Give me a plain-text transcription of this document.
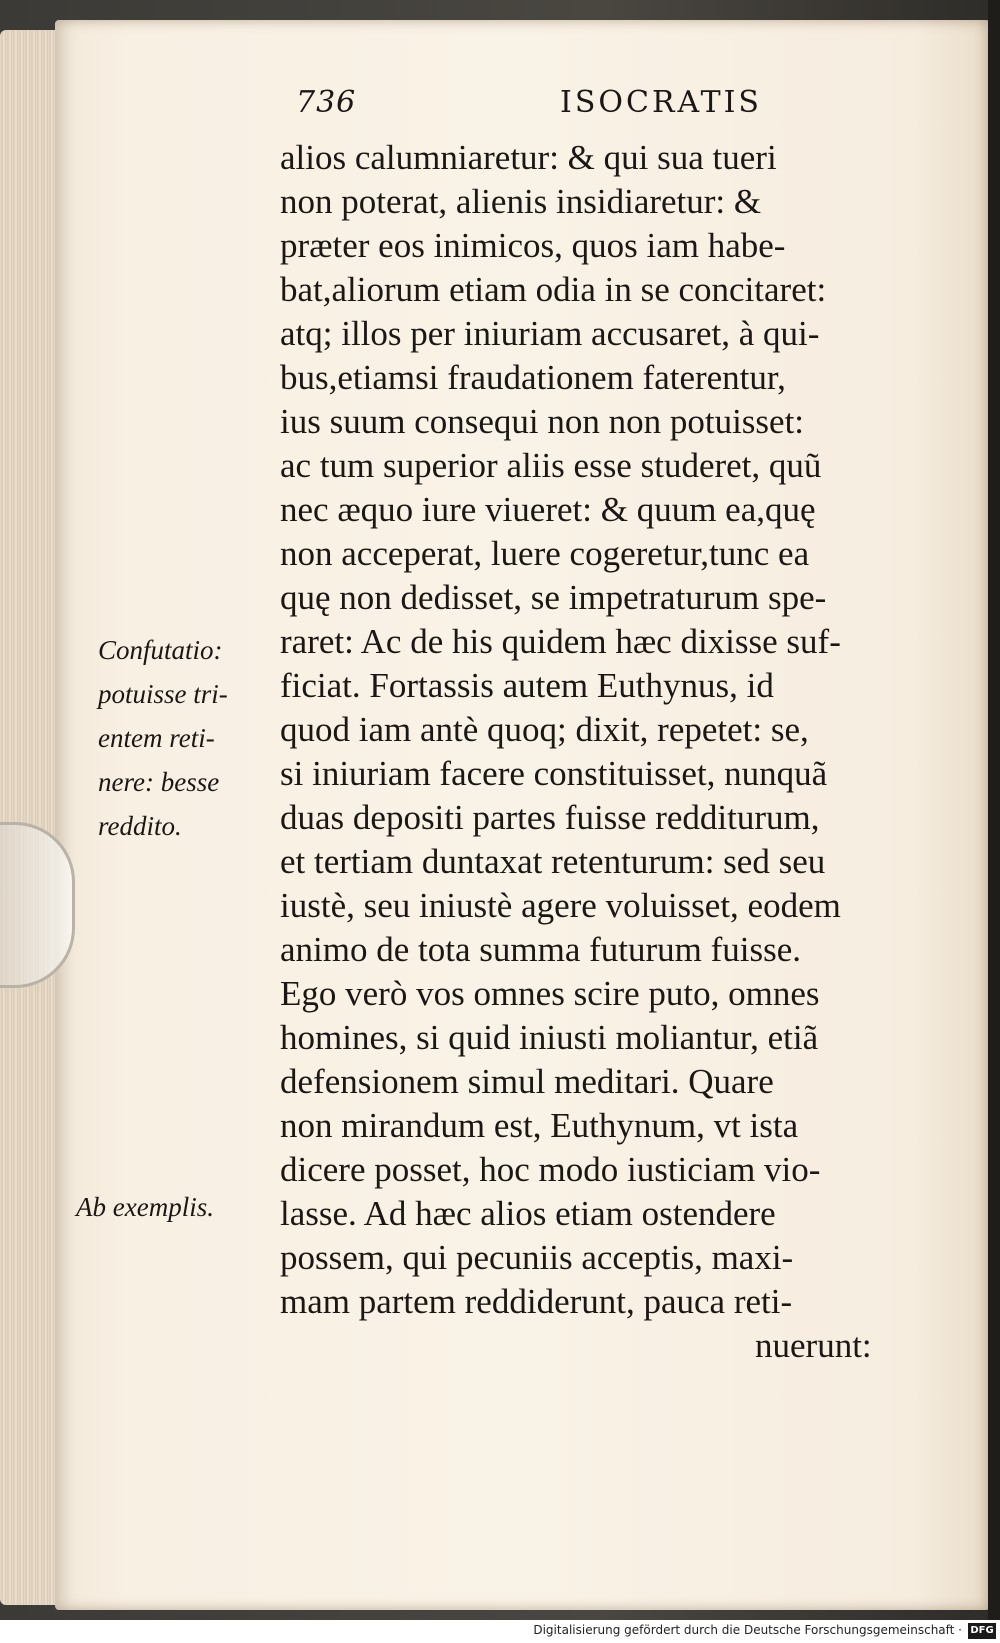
736	ISOCRATIS
alios calumniaretur: & qui sua tueri
non poterat, alienis insidiaretur: &
præter eos inimicos, quos iam habe-
bat,aliorum etiam odia in se concitaret:
atq; illos per iniuriam accusaret, à qui-
bus,etiamsi fraudationem faterentur,
ius suum consequi non non potuisset:
ac tum superior aliis esse studeret, quũ
nec æquo iure viueret: & quum ea,quę
non acceperat, luere cogeretur,tunc ea
quę non dedisset, se impetraturum spe-
raret: Ac de his quidem hæc dixisse suf-
ficiat. Fortassis autem Euthynus, id
quod iam antè quoq; dixit, repetet: se,
si iniuriam facere constituisset, nunquã
duas depositi partes fuisse redditurum,
et tertiam duntaxat retenturum: sed seu
iustè, seu iniustè agere voluisset, eodem
animo de tota summa futurum fuisse.
Ego verò vos omnes scire puto, omnes
homines, si quid iniusti moliantur, etiã
defensionem simul meditari. Quare
non mirandum est, Euthynum, vt ista
dicere posset, hoc modo iusticiam vio-
lasse. Ad hæc alios etiam ostendere
possem, qui pecuniis acceptis, maxi-
mam partem reddiderunt, pauca reti-
nuerunt:
Confutatio:
potuisse tri-
entem reti-
nere: besse
reddito.
Ab exemplis.
Digitalisierung gefördert durch die Deutsche Forschungsgemeinschaft · DFG
